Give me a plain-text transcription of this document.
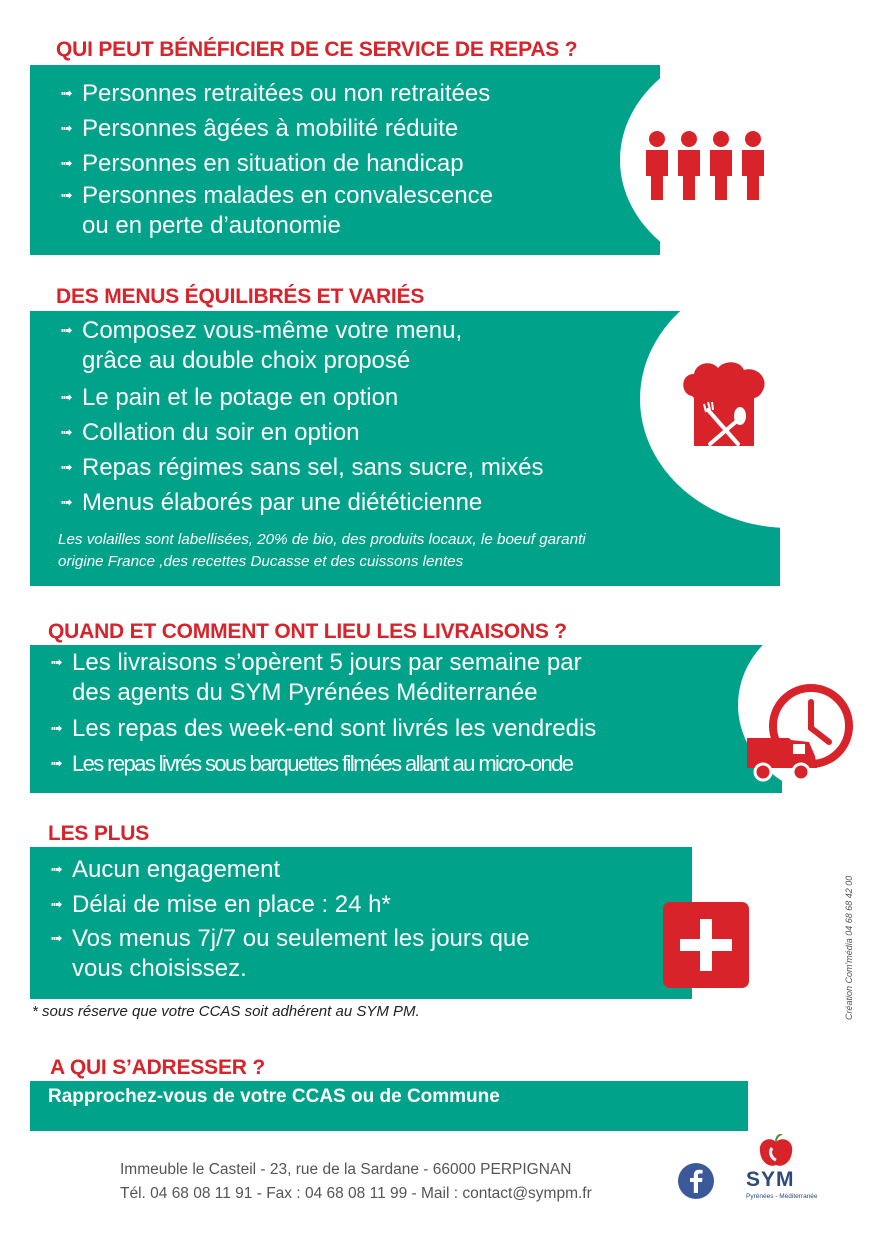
QUI PEUT BÉNÉFICIER DE CE SERVICE DE REPAS ?
➟ Personnes retraitées ou non retraitées
➟ Personnes âgées à mobilité réduite
➟ Personnes en situation de handicap
➟ Personnes malades en convalescence
ou en perte d’autonomie
DES MENUS ÉQUILIBRÉS ET VARIÉS
➟ Composez vous-même votre menu,
grâce au double choix proposé
➟ Le pain et le potage en option
➟ Collation du soir en option
➟ Repas régimes sans sel, sans sucre, mixés
➟ Menus élaborés par une diététicienne
Les volailles sont labellisées, 20% de bio, des produits locaux, le boeuf garanti
origine France ,des recettes Ducasse et des cuissons lentes
QUAND ET COMMENT ONT LIEU LES LIVRAISONS ?
➟ Les livraisons s’opèrent 5 jours par semaine par
des agents du SYM Pyrénées Méditerranée
➟ Les repas des week-end sont livrés les vendredis
➟ Les repas livrés sous barquettes filmées allant au micro-onde
LES PLUS
➟ Aucun engagement
➟ Délai de mise en place : 24 h*
➟ Vos menus 7j/7 ou seulement les jours que
vous choisissez.
* sous réserve que votre CCAS soit adhérent au SYM PM.	Création Com'média 04 68 68 42 00
A QUI S’ADRESSER ?
Rapprochez-vous de votre CCAS ou de Commune
Immeuble le Casteil - 23, rue de la Sardane - 66000 PERPIGNAN
Tél. 04 68 08 11 91 - Fax : 04 68 08 11 99 - Mail : contact@sympm.fr
SYM
Pyrénées - Méditerranée
